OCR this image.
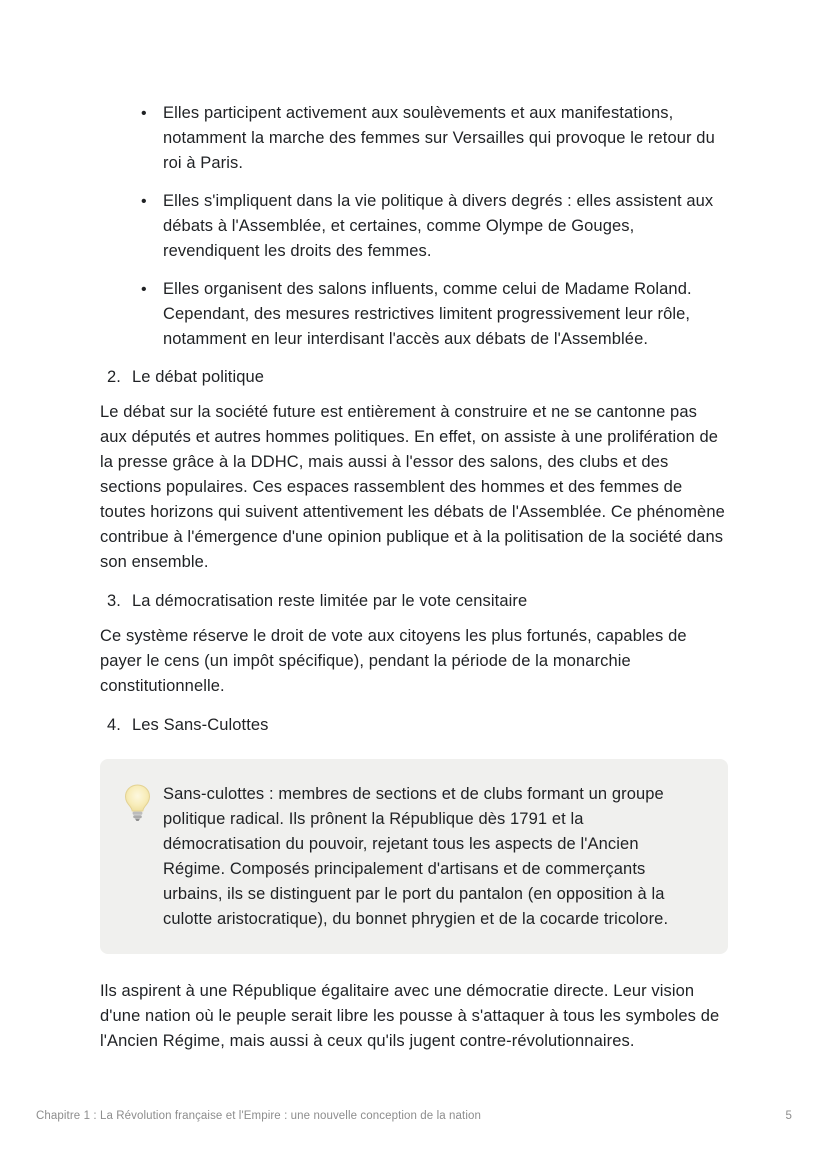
• Elles participent activement aux soulèvements et aux manifestations, notamment la marche des femmes sur Versailles qui provoque le retour du roi à Paris.
• Elles s'impliquent dans la vie politique à divers degrés : elles assistent aux débats à l'Assemblée, et certaines, comme Olympe de Gouges, revendiquent les droits des femmes.
• Elles organisent des salons influents, comme celui de Madame Roland. Cependant, des mesures restrictives limitent progressivement leur rôle, notamment en leur interdisant l'accès aux débats de l'Assemblée.
2. Le débat politique

Le débat sur la société future est entièrement à construire et ne se cantonne pas aux députés et autres hommes politiques. En effet, on assiste à une prolifération de la presse grâce à la DDHC, mais aussi à l'essor des salons, des clubs et des sections populaires. Ces espaces rassemblent des hommes et des femmes de toutes horizons qui suivent attentivement les débats de l'Assemblée. Ce phénomène contribue à l'émergence d'une opinion publique et à la politisation de la société dans son ensemble.

3. La démocratisation reste limitée par le vote censitaire

Ce système réserve le droit de vote aux citoyens les plus fortunés, capables de payer le cens (un impôt spécifique), pendant la période de la monarchie constitutionnelle.

4. Les Sans-Culottes
Sans-culottes : membres de sections et de clubs formant un groupe politique radical. Ils prônent la République dès 1791 et la démocratisation du pouvoir, rejetant tous les aspects de l'Ancien Régime. Composés principalement d'artisans et de commerçants urbains, ils se distinguent par le port du pantalon (en opposition à la culotte aristocratique), du bonnet phrygien et de la cocarde tricolore.

Ils aspirent à une République égalitaire avec une démocratie directe. Leur vision d'une nation où le peuple serait libre les pousse à s'attaquer à tous les symboles de l'Ancien Régime, mais aussi à ceux qu'ils jugent contre-révolutionnaires.

Chapitre 1 : La Révolution française et l'Empire : une nouvelle conception de la nation	5
